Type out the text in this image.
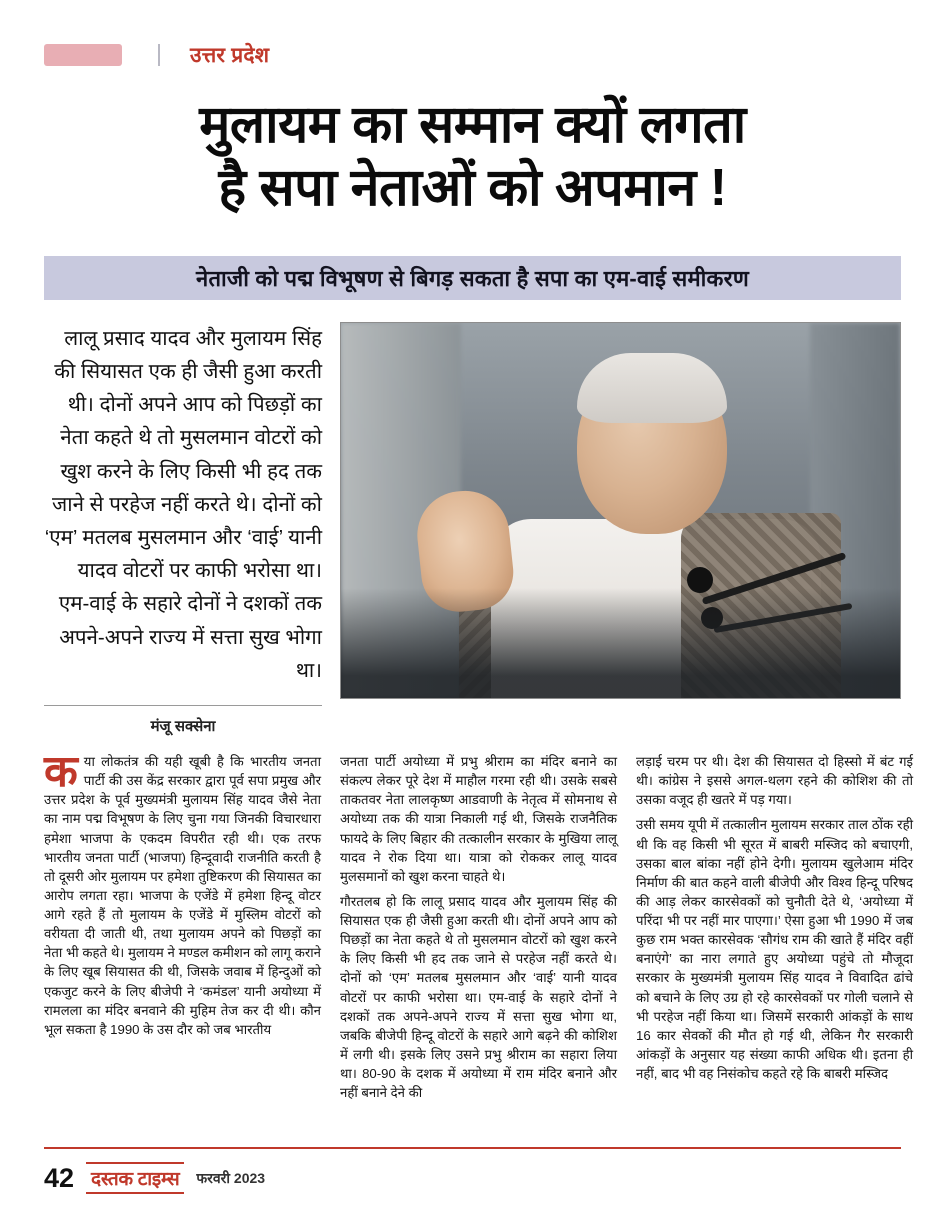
उत्तर प्रदेश
मुलायम का सम्मान क्यों लगता
है सपा नेताओं को अपमान !
नेताजी को पद्म विभूषण से बिगड़ सकता है सपा का एम-वाई समीकरण
लालू प्रसाद यादव और मुलायम सिंह की सियासत एक ही जैसी हुआ करती थी। दोनों अपने आप को पिछड़ों का नेता कहते थे तो मुसलमान वोटरों को खुश करने के लिए किसी भी हद तक जाने से परहेज नहीं करते थे। दोनों को ‘एम’ मतलब मुसलमान और ‘वाई’ यानी यादव वोटरों पर काफी भरोसा था। एम-वाई के सहारे दोनों ने दशकों तक अपने-अपने राज्य में सत्ता सुख भोगा था।
मंजू सक्सेना

कया लोकतंत्र की यही खूबी है कि भारतीय जनता पार्टी की उस केंद्र सरकार द्वारा पूर्व सपा प्रमुख और उत्तर प्रदेश के पूर्व मुख्यमंत्री मुलायम सिंह यादव जैसे नेता का नाम पद्म विभूषण के लिए चुना गया जिनकी विचारधारा हमेशा भाजपा के एकदम विपरीत रही थी। एक तरफ भारतीय जनता पार्टी (भाजपा) हिन्दूवादी राजनीति करती है तो दूसरी ओर मुलायम पर हमेशा तुष्टिकरण की सियासत का आरोप लगता रहा। भाजपा के एजेंडे में हमेशा हिन्दू वोटर आगे रहते हैं तो मुलायम के एजेंडे में मुस्लिम वोटरों को वरीयता दी जाती थी, तथा मुलायम अपने को पिछड़ों का नेता भी कहते थे। मुलायम ने मण्डल कमीशन को लागू कराने के लिए खूब सियासत की थी, जिसके जवाब में हिन्दुओं को एकजुट करने के लिए बीजेपी ने ‘कमंडल’ यानी अयोध्या में रामलला का मंदिर बनवाने की मुहिम तेज कर दी थी। कौन भूल सकता है 1990 के उस दौर को जब भारतीय

जनता पार्टी अयोध्या में प्रभु श्रीराम का मंदिर बनाने का संकल्प लेकर पूरे देश में माहौल गरमा रही थी। उसके सबसे ताकतवर नेता लालकृष्ण आडवाणी के नेतृत्व में सोमनाथ से अयोध्या तक की यात्रा निकाली गई थी, जिसके राजनैतिक फायदे के लिए बिहार की तत्कालीन सरकार के मुखिया लालू यादव ने रोक दिया था। यात्रा को रोककर लालू यादव मुलसमानों को खुश करना चाहते थे।

गौरतलब हो कि लालू प्रसाद यादव और मुलायम सिंह की सियासत एक ही जैसी हुआ करती थी। दोनों अपने आप को पिछड़ों का नेता कहते थे तो मुसलमान वोटरों को खुश करने के लिए किसी भी हद तक जाने से परहेज नहीं करते थे। दोनों को ‘एम’ मतलब मुसलमान और ‘वाई’ यानी यादव वोटरों पर काफी भरोसा था। एम-वाई के सहारे दोनों ने दशकों तक अपने-अपने राज्य में सत्ता सुख भोगा था, जबकि बीजेपी हिन्दू वोटरों के सहारे आगे बढ़ने की कोशिश में लगी थी। इसके लिए उसने प्रभु श्रीराम का सहारा लिया था। 80-90 के दशक में अयोध्या में राम मंदिर बनाने और नहीं बनाने देने की

लड़ाई चरम पर थी। देश की सियासत दो हिस्सो में बंट गई थी। कांग्रेस ने इससे अगल-थलग रहने की कोशिश की तो उसका वजूद ही खतरे में पड़ गया।

उसी समय यूपी में तत्कालीन मुलायम सरकार ताल ठोंक रही थी कि वह किसी भी सूरत में बाबरी मस्जिद को बचाएगी, उसका बाल बांका नहीं होने देगी। मुलायम खुलेआम मंदिर निर्माण की बात कहने वाली बीजेपी और विश्व हिन्दू परिषद की आड़ लेकर कारसेवकों को चुनौती देते थे, ‘अयोध्या में परिंदा भी पर नहीं मार पाएगा।’ ऐसा हुआ भी 1990 में जब कुछ राम भक्त कारसेवक ‘सौगंध राम की खाते हैं मंदिर वहीं बनाएंगे’ का नारा लगाते हुए अयोध्या पहुंचे तो मौजूदा सरकार के मुख्यमंत्री मुलायम सिंह यादव ने विवादित ढांचे को बचाने के लिए उग्र हो रहे कारसेवकों पर गोली चलाने से भी परहेज नहीं किया था। जिसमें सरकारी आंकड़ों के साथ 16 कार सेवकों की मौत हो गई थी, लेकिन गैर सरकारी आंकड़ों के अनुसार यह संख्या काफी अधिक थी। इतना ही नहीं, बाद भी वह निसंकोच कहते रहे कि बाबरी मस्जिद

42 दस्तक टाइम्स	फरवरी 2023
